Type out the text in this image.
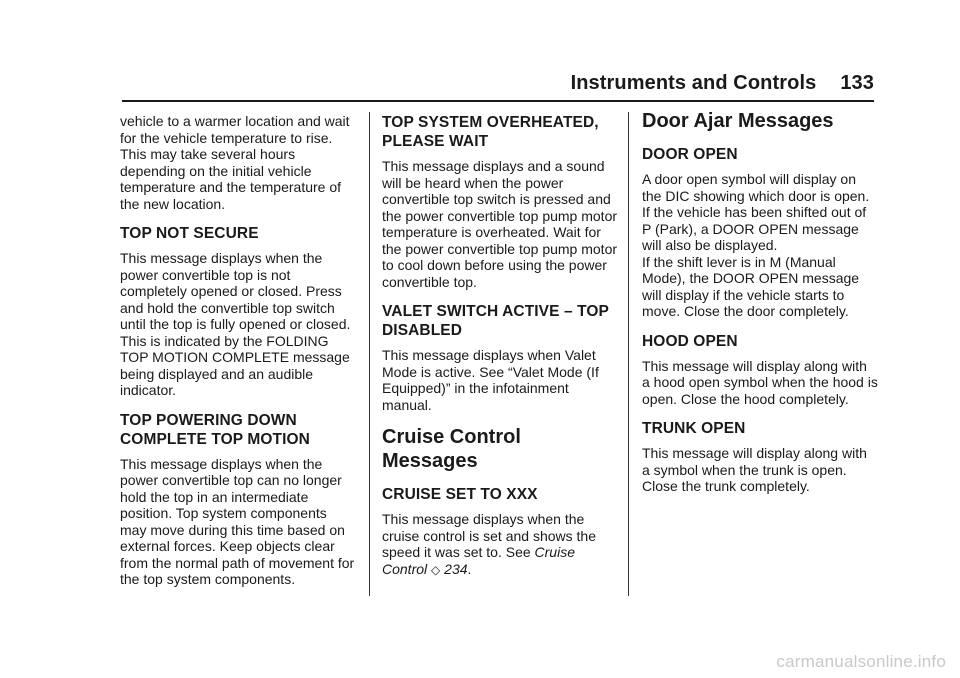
Instruments and Controls 133

vehicle to a warmer location and wait for the vehicle temperature to rise. This may take several hours depending on the initial vehicle temperature and the temperature of the new location.

TOP NOT SECURE

This message displays when the power convertible top is not completely opened or closed. Press and hold the convertible top switch until the top is fully opened or closed. This is indicated by the FOLDING TOP MOTION COMPLETE message being displayed and an audible indicator.

TOP POWERING DOWN COMPLETE TOP MOTION

This message displays when the power convertible top can no longer hold the top in an intermediate position. Top system components may move during this time based on external forces. Keep objects clear from the normal path of movement for the top system components.

TOP SYSTEM OVERHEATED, PLEASE WAIT

This message displays and a sound will be heard when the power convertible top switch is pressed and the power convertible top pump motor temperature is overheated. Wait for the power convertible top pump motor to cool down before using the power convertible top.

VALET SWITCH ACTIVE – TOP DISABLED

This message displays when Valet Mode is active. See “Valet Mode (If Equipped)” in the infotainment manual.

Cruise Control Messages
CRUISE SET TO XXX

This message displays when the cruise control is set and shows the speed it was set to. See Cruise Control ◇ 234.

Door Ajar Messages
DOOR OPEN

A door open symbol will display on the DIC showing which door is open. If the vehicle has been shifted out of P (Park), a DOOR OPEN message will also be displayed.

If the shift lever is in M (Manual Mode), the DOOR OPEN message will display if the vehicle starts to move. Close the door completely.

HOOD OPEN

This message will display along with a hood open symbol when the hood is open. Close the hood completely.

TRUNK OPEN

This message will display along with a symbol when the trunk is open. Close the trunk completely.

carmanualsonline.info
